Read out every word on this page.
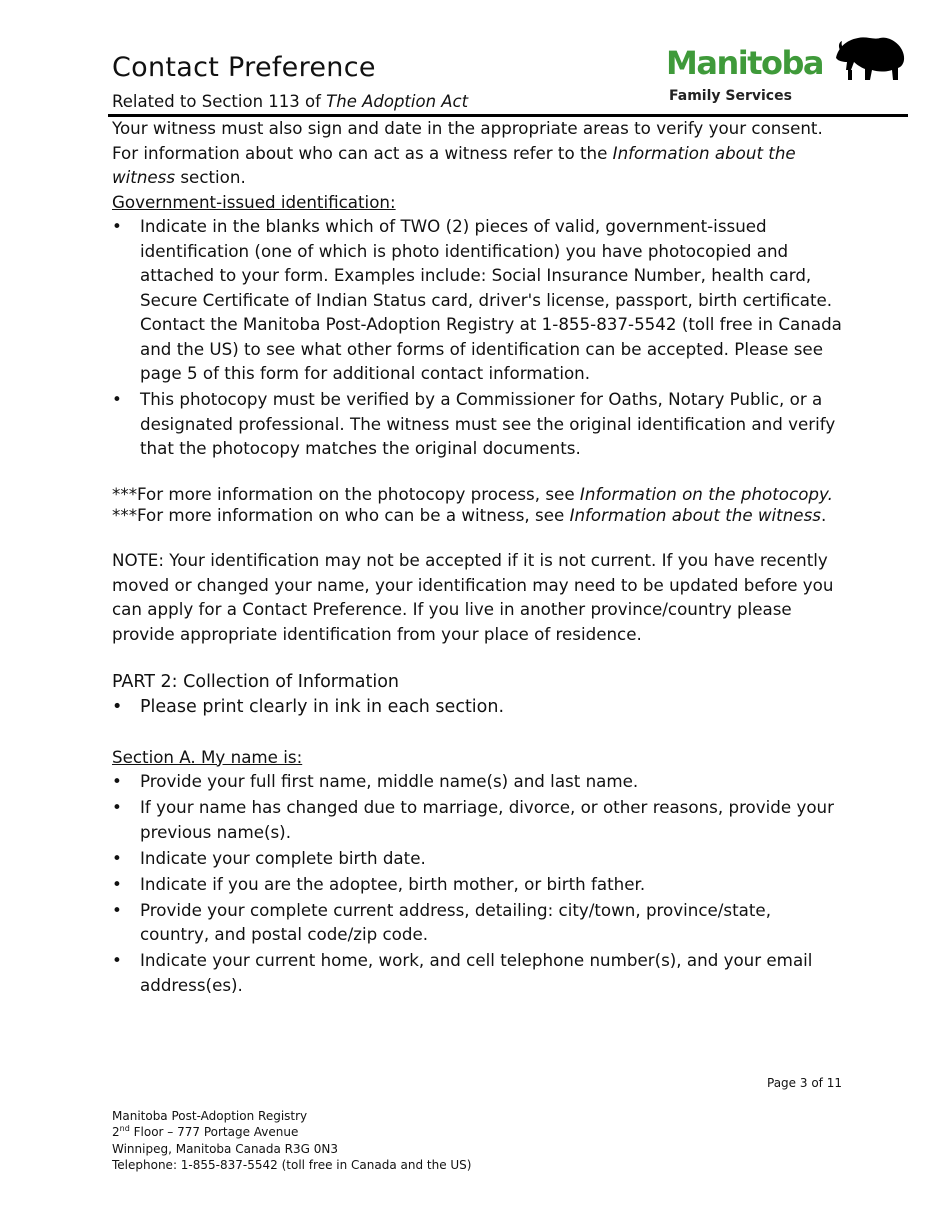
Contact Preference
Related to Section 113 of The Adoption Act
Manitoba
Family Services

Your witness must also sign and date in the appropriate areas to verify your consent. For information about who can act as a witness refer to the Information about the witness section.

Government-issued identification:

• Indicate in the blanks which of TWO (2) pieces of valid, government-issued identification (one of which is photo identification) you have photocopied and attached to your form. Examples include: Social Insurance Number, health card, Secure Certificate of Indian Status card, driver's license, passport, birth certificate. Contact the Manitoba Post-Adoption Registry at 1-855-837-5542 (toll free in Canada and the US) to see what other forms of identification can be accepted. Please see page 5 of this form for additional contact information.
• This photocopy must be verified by a Commissioner for Oaths, Notary Public, or a designated professional. The witness must see the original identification and verify that the photocopy matches the original documents.

***For more information on the photocopy process, see Information on the photocopy.

***For more information on who can be a witness, see Information about the witness.

NOTE: Your identification may not be accepted if it is not current. If you have recently moved or changed your name, your identification may need to be updated before you can apply for a Contact Preference. If you live in another province/country please provide appropriate identification from your place of residence.

PART 2: Collection of Information

• Please print clearly in ink in each section.

Section A. My name is:

• Provide your full first name, middle name(s) and last name.
• If your name has changed due to marriage, divorce, or other reasons, provide your previous name(s).
• Indicate your complete birth date.
• Indicate if you are the adoptee, birth mother, or birth father.
• Provide your complete current address, detailing: city/town, province/state, country, and postal code/zip code.
• Indicate your current home, work, and cell telephone number(s), and your email address(es).
Page 3 of 11
Manitoba Post-Adoption Registry
2nd Floor – 777 Portage Avenue
Winnipeg, Manitoba Canada R3G 0N3
Telephone: 1-855-837-5542 (toll free in Canada and the US)
